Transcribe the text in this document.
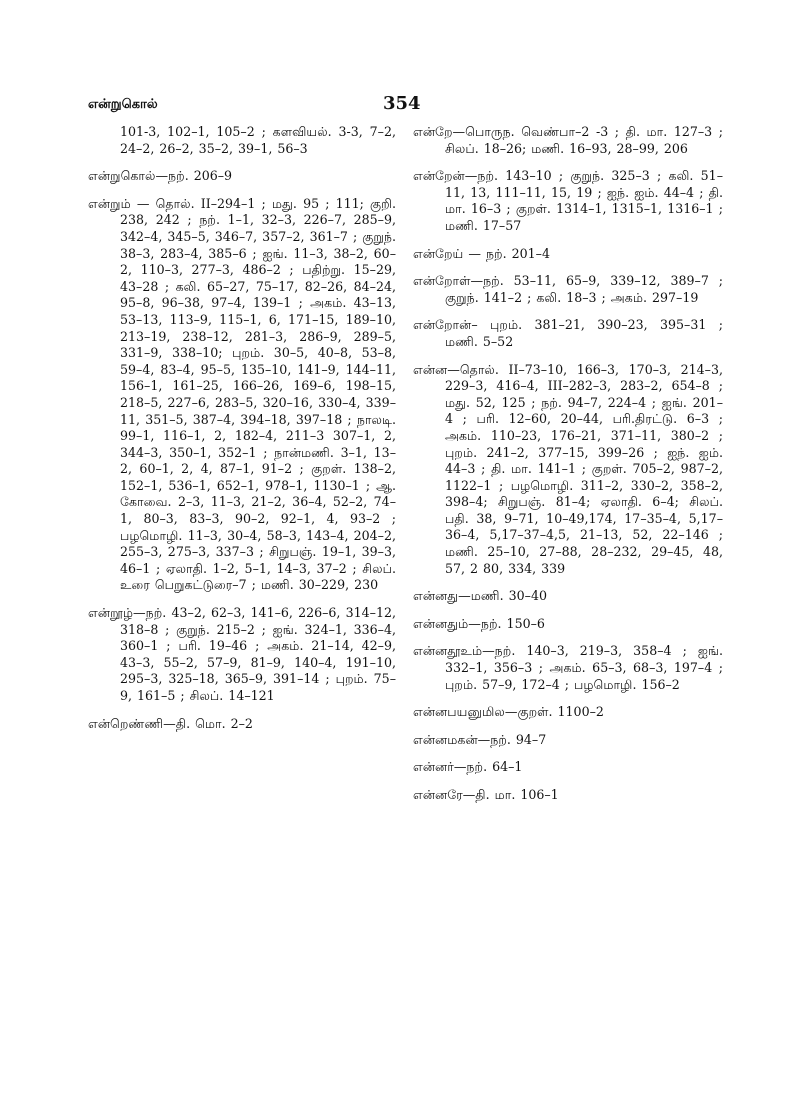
என்றுகொல்	354

101-3, 102–1, 105–2 ; களவியல். 3-3, 7–2, 24–2, 26–2, 35–2, 39–1, 56–3

என்றுகொல்—நற். 206–9

என்றும் — தொல். II–294–1 ; மது. 95 ; 111; குறி. 238, 242 ; நற். 1–1, 32–3, 226–7, 285–9, 342–4, 345–5, 346–7, 357–2, 361–7 ; குறுந். 38–3, 283–4, 385–6 ; ஐங். 11–3, 38–2, 60–2, 110–3, 277–3, 486–2 ; பதிற்று. 15–29, 43–28 ; கலி. 65–27, 75–17, 82–26, 84–24, 95–8, 96–38, 97–4, 139–1 ; அகம். 43–13, 53–13, 113–9, 115–1, 6, 171–15, 189–10, 213–19, 238–12, 281–3, 286–9, 289–5, 331–9, 338–10; புறம். 30–5, 40–8, 53–8, 59–4, 83–4, 95–5, 135–10, 141–9, 144–11, 156–1, 161–25, 166–26, 169–6, 198–15, 218–5, 227–6, 283–5, 320–16, 330–4, 339–11, 351–5, 387–4, 394–18, 397–18 ; நாலடி. 99–1, 116–1, 2, 182–4, 211–3 307–1, 2, 344–3, 350–1, 352–1 ; நான்மணி. 3–1, 13–2, 60–1, 2, 4, 87–1, 91–2 ; குறள். 138–2, 152–1, 536–1, 652–1, 978–1, 1130–1 ; ஆ. கோவை. 2–3, 11–3, 21–2, 36–4, 52–2, 74–1, 80–3, 83–3, 90–2, 92–1, 4, 93–2 ; பழமொழி. 11–3, 30–4, 58–3, 143–4, 204–2, 255–3, 275–3, 337–3 ; சிறுபஞ். 19–1, 39–3, 46–1 ; ஏலாதி. 1–2, 5–1, 14–3, 37–2 ; சிலப். உரை பெறுகட்டுரை–7 ; மணி. 30–229, 230

என்றூழ்—நற். 43–2, 62–3, 141–6, 226–6, 314–12, 318–8 ; குறுந். 215–2 ; ஐங். 324–1, 336–4, 360–1 ; பரி. 19–46 ; அகம். 21–14, 42–9, 43–3, 55–2, 57–9, 81–9, 140–4, 191–10, 295–3, 325–18, 365–9, 391–14 ; புறம். 75–9, 161–5 ; சிலப். 14–121

என்றெண்ணி—தி. மொ. 2–2

என்றே—பொருந. வெண்பா–2 -3 ; தி. மா. 127–3 ; சிலப். 18–26; மணி. 16–93, 28–99, 206

என்றேன்—நற். 143–10 ; குறுந். 325–3 ; கலி. 51–11, 13, 111–11, 15, 19 ; ஐந். ஐம். 44–4 ; தி. மா. 16–3 ; குறள். 1314–1, 1315–1, 1316–1 ; மணி. 17–57

என்றேய் — நற். 201–4

என்றோள்—நற். 53–11, 65–9, 339–12, 389–7 ; குறுந். 141–2 ; கலி. 18–3 ; அகம். 297–19

என்றோன்– புறம். 381–21, 390–23, 395–31 ; மணி. 5–52

என்ன—தொல். II–73–10, 166–3, 170–3, 214–3, 229–3, 416–4, III–282–3, 283–2, 654–8 ; மது. 52, 125 ; நற். 94–7, 224–4 ; ஐங். 201–4 ; பரி. 12–60, 20–44, பரி.திரட்டு. 6–3 ; அகம். 110–23, 176–21, 371–11, 380–2 ; புறம். 241–2, 377–15, 399–26 ; ஐந். ஐம். 44–3 ; தி. மா. 141–1 ; குறள். 705–2, 987–2, 1122–1 ; பழமொழி. 311–2, 330–2, 358–2, 398–4; சிறுபஞ். 81–4; ஏலாதி. 6–4; சிலப். பதி. 38, 9–71, 10–49,174, 17–35–4, 5,17–36–4, 5,17–37–4,5, 21–13, 52, 22–146 ; மணி. 25–10, 27–88, 28–232, 29–45, 48, 57, 2 80, 334, 339

என்னது—மணி. 30–40

என்னதும்—நற். 150–6

என்னதூஉம்—நற். 140–3, 219–3, 358–4 ; ஐங். 332–1, 356–3 ; அகம். 65–3, 68–3, 197–4 ; புறம். 57–9, 172–4 ; பழமொழி. 156–2

என்னபயனுமில—குறள். 1100–2

என்னமகன்—நற். 94–7

என்னர்—நற். 64–1

என்னரே—தி. மா. 106–1
